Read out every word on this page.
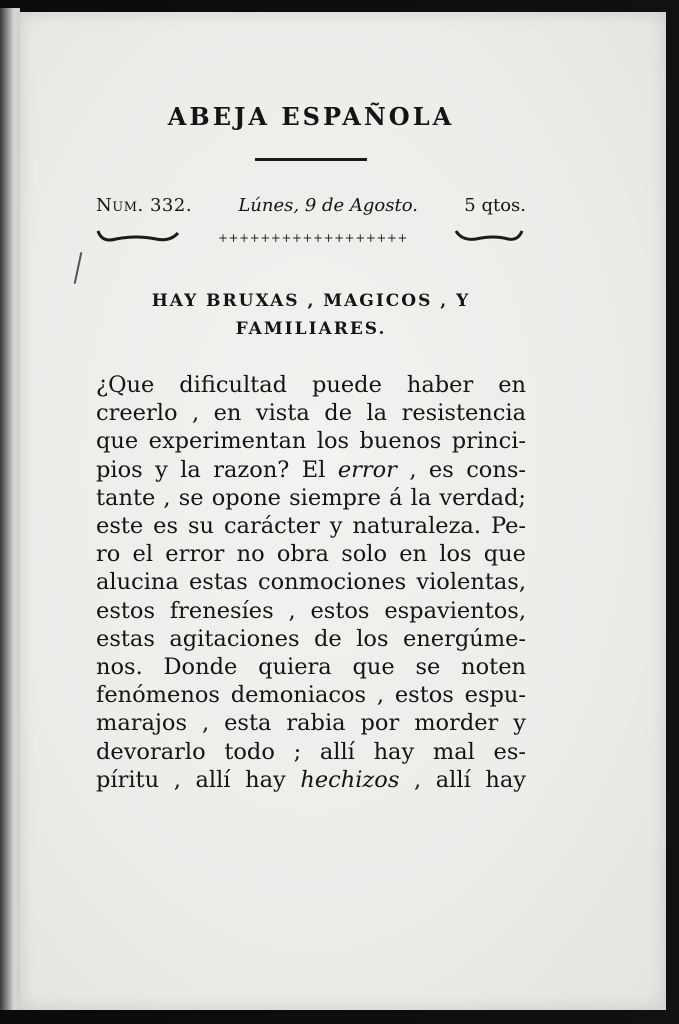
ABEJA ESPAÑOLA
Num. 332.	Lúnes, 9 de Agosto.	5 qtos.
++++++++++++++++++
HAY BRUXAS , MAGICOS , Y
FAMILIARES.
¿Que dificultad puede haber en
creerlo , en vista de la resistencia
que experimentan los buenos princi-
pios y la razon? El error , es cons-
tante , se opone siempre á la verdad;
este es su carácter y naturaleza. Pe-
ro el error no obra solo en los que
alucina estas conmociones violentas,
estos frenesíes , estos espavientos,
estas agitaciones de los energúme-
nos. Donde quiera que se noten
fenómenos demoniacos , estos espu-
marajos , esta rabia por morder y
devorarlo todo ; allí hay mal es-
píritu , allí hay hechizos , allí hay
